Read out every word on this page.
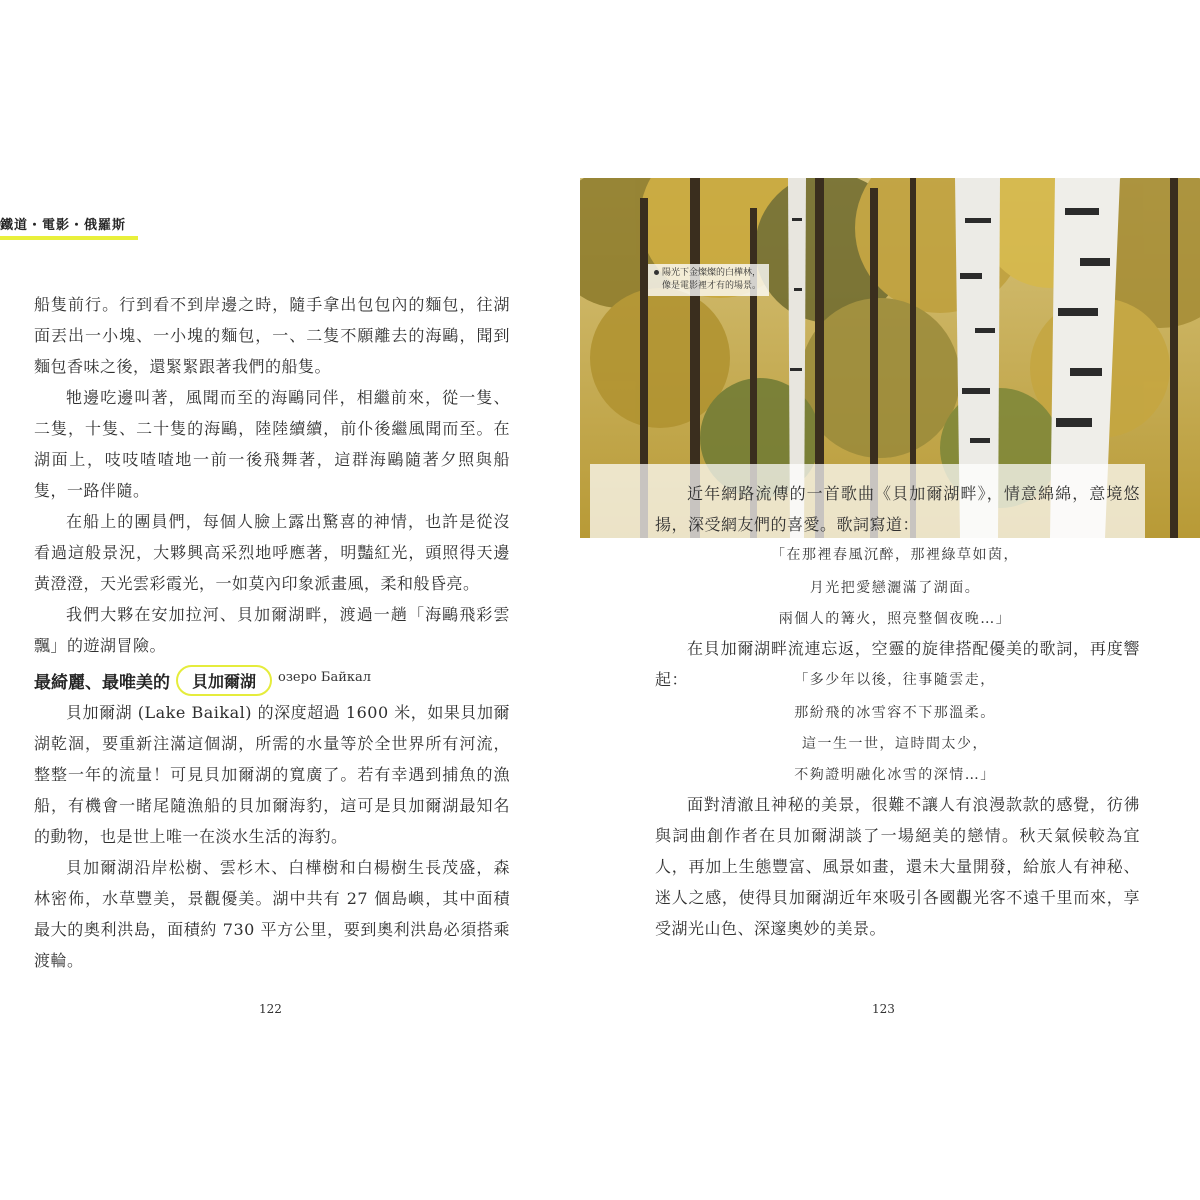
鐵道・電影・俄羅斯

船隻前行。行到看不到岸邊之時，隨手拿出包包內的麵包，往湖面丟出一小塊、一小塊的麵包，一、二隻不願離去的海鷗，聞到麵包香味之後，還緊緊跟著我們的船隻。

牠邊吃邊叫著，風聞而至的海鷗同伴，相繼前來，從一隻、二隻，十隻、二十隻的海鷗，陸陸續續，前仆後繼風聞而至。在湖面上，吱吱喳喳地一前一後飛舞著，這群海鷗隨著夕照與船隻，一路伴隨。

在船上的團員們，每個人臉上露出驚喜的神情，也許是從沒看過這般景況，大夥興高采烈地呼應著，明豔紅光，頭照得天邊黃澄澄，天光雲彩霞光，一如莫內印象派畫風，柔和般昏亮。

我們大夥在安加拉河、貝加爾湖畔，渡過一趟「海鷗飛彩雲飄」的遊湖冒險。

最綺麗、最唯美的	貝加爾湖	озеро Байкал

貝加爾湖 (Lake Baikal) 的深度超過 1600 米，如果貝加爾湖乾涸，要重新注滿這個湖，所需的水量等於全世界所有河流，整整一年的流量！可見貝加爾湖的寬廣了。若有幸遇到捕魚的漁船，有機會一睹尾隨漁船的貝加爾海豹，這可是貝加爾湖最知名的動物，也是世上唯一在淡水生活的海豹。

貝加爾湖沿岸松樹、雲杉木、白樺樹和白楊樹生長茂盛，森林密佈，水草豐美，景觀優美。湖中共有 27 個島嶼，其中面積最大的奧利洪島，面積約 730 平方公里，要到奧利洪島必須搭乘渡輪。

122
陽光下金燦燦的白樺林，
像是電影裡才有的場景。

近年網路流傳的一首歌曲《貝加爾湖畔》，情意綿綿，意境悠揚，深受網友們的喜愛。歌詞寫道：

「在那裡春風沉醉，那裡綠草如茵，
月光把愛戀灑滿了湖面。
兩個人的篝火，照亮整個夜晚…」

在貝加爾湖畔流連忘返，空靈的旋律搭配優美的歌詞，再度響起：	「多少年以後，往事隨雲走，
那紛飛的冰雪容不下那溫柔。
這一生一世，這時間太少，
不夠證明融化冰雪的深情…」

面對清澈且神秘的美景，很難不讓人有浪漫款款的感覺，彷彿與詞曲創作者在貝加爾湖談了一場絕美的戀情。秋天氣候較為宜人，再加上生態豐富、風景如畫，還未大量開發，給旅人有神秘、迷人之感，使得貝加爾湖近年來吸引各國觀光客不遠千里而來，享受湖光山色、深邃奧妙的美景。

123
